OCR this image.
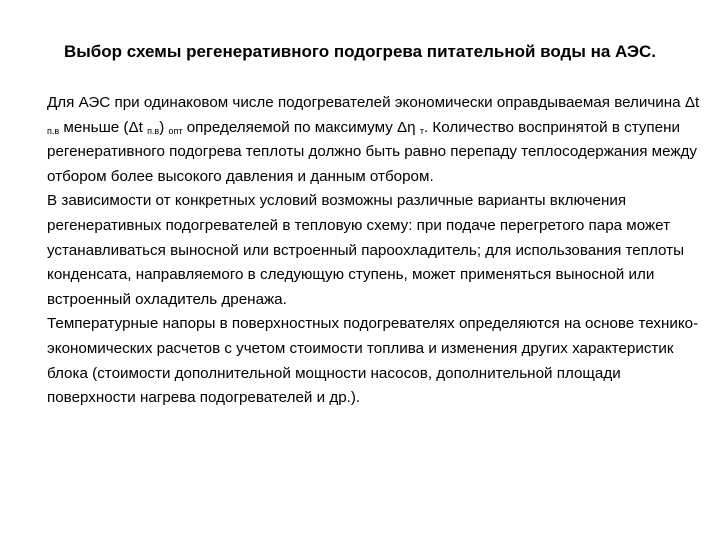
Выбор схемы регенеративного подогрева питательной воды на АЭС.

Для АЭС при одинаковом числе подогревателей экономически оправдываемая величина Δt $_{п.в}$ меньше (Δt $_{п.в}$) $_{опт}$ определяемой по максимуму Δη $_т$. Количество воспринятой в ступени регенеративного подогрева теплоты должно быть равно перепаду теплосодержания между отбором более высокого давления и данным отбором.

В зависимости от конкретных условий возможны различные варианты включения регенеративных подогревателей в тепловую схему: при подаче перегретого пара может устанавливаться выносной или встроенный пароохладитель; для использования теплоты конденсата, направляемого в следующую ступень, может применяться выносной или встроенный охладитель дренажа.

Температурные напоры в поверхностных подогревателях определяются на основе технико-экономических расчетов с учетом стоимости топлива и изменения других характеристик блока (стоимости дополнительной мощности насосов, дополнительной площади поверхности нагрева подогревателей и др.).
